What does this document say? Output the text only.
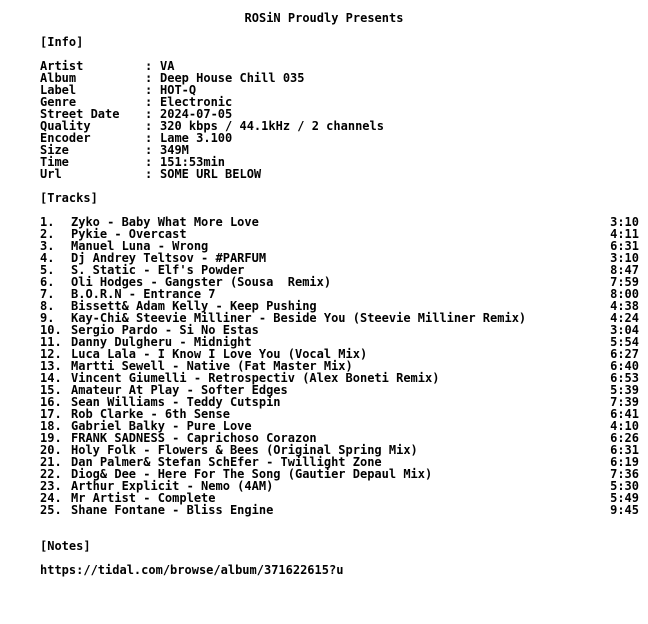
ROSiN Proudly Presents
[Info]
Artist	: VA
Album	: Deep House Chill 035
Label	: HOT-Q
Genre	: Electronic
Street Date : 2024-07-05
Quality	: 320 kbps / 44.1kHz / 2 channels
Encoder	: Lame 3.100
Size	: 349M
Time	: 151:53min
Url	: SOME URL BELOW
[Tracks]
1. Zyko - Baby What More Love	3:10
2. Pykie - Overcast	4:11
3. Manuel Luna - Wrong	6:31
4. Dj Andrey Teltsov - #PARFUM	3:10
5. S. Static - Elf's Powder	8:47
6. Oli Hodges - Gangster (Sousa  Remix)	7:59
7. B.O.R.N - Entrance 7	8:00
8. Bissett& Adam Kelly - Keep Pushing	4:38
9. Kay-Chi& Steevie Milliner - Beside You (Steevie Milliner Remix)	4:24
10. Sergio Pardo - Si No Estas	3:04
11. Danny Dulgheru - Midnight	5:54
12. Luca Lala - I Know I Love You (Vocal Mix)	6:27
13. Martti Sewell - Native (Fat Master Mix)	6:40
14. Vincent Giumelli - Retrospectiv (Alex Boneti Remix)	6:53
15. Amateur At Play - Softer Edges	5:39
16. Sean Williams - Teddy Cutspin	7:39
17. Rob Clarke - 6th Sense	6:41
18. Gabriel Balky - Pure Love	4:10
19. FRANK SADNESS - Caprichoso Corazon	6:26
20. Holy Folk - Flowers & Bees (Original Spring Mix)	6:31
21. Dan Palmer& Stefan SchEfer - Twillight Zone	6:19
22. Diog& Dee - Here For The Song (Gautier Depaul Mix)	7:36
23. Arthur Explicit - Nemo (4AM)	5:30
24. Mr Artist - Complete	5:49
25. Shane Fontane - Bliss Engine	9:45
[Notes]
https://tidal.com/browse/album/371622615?u
